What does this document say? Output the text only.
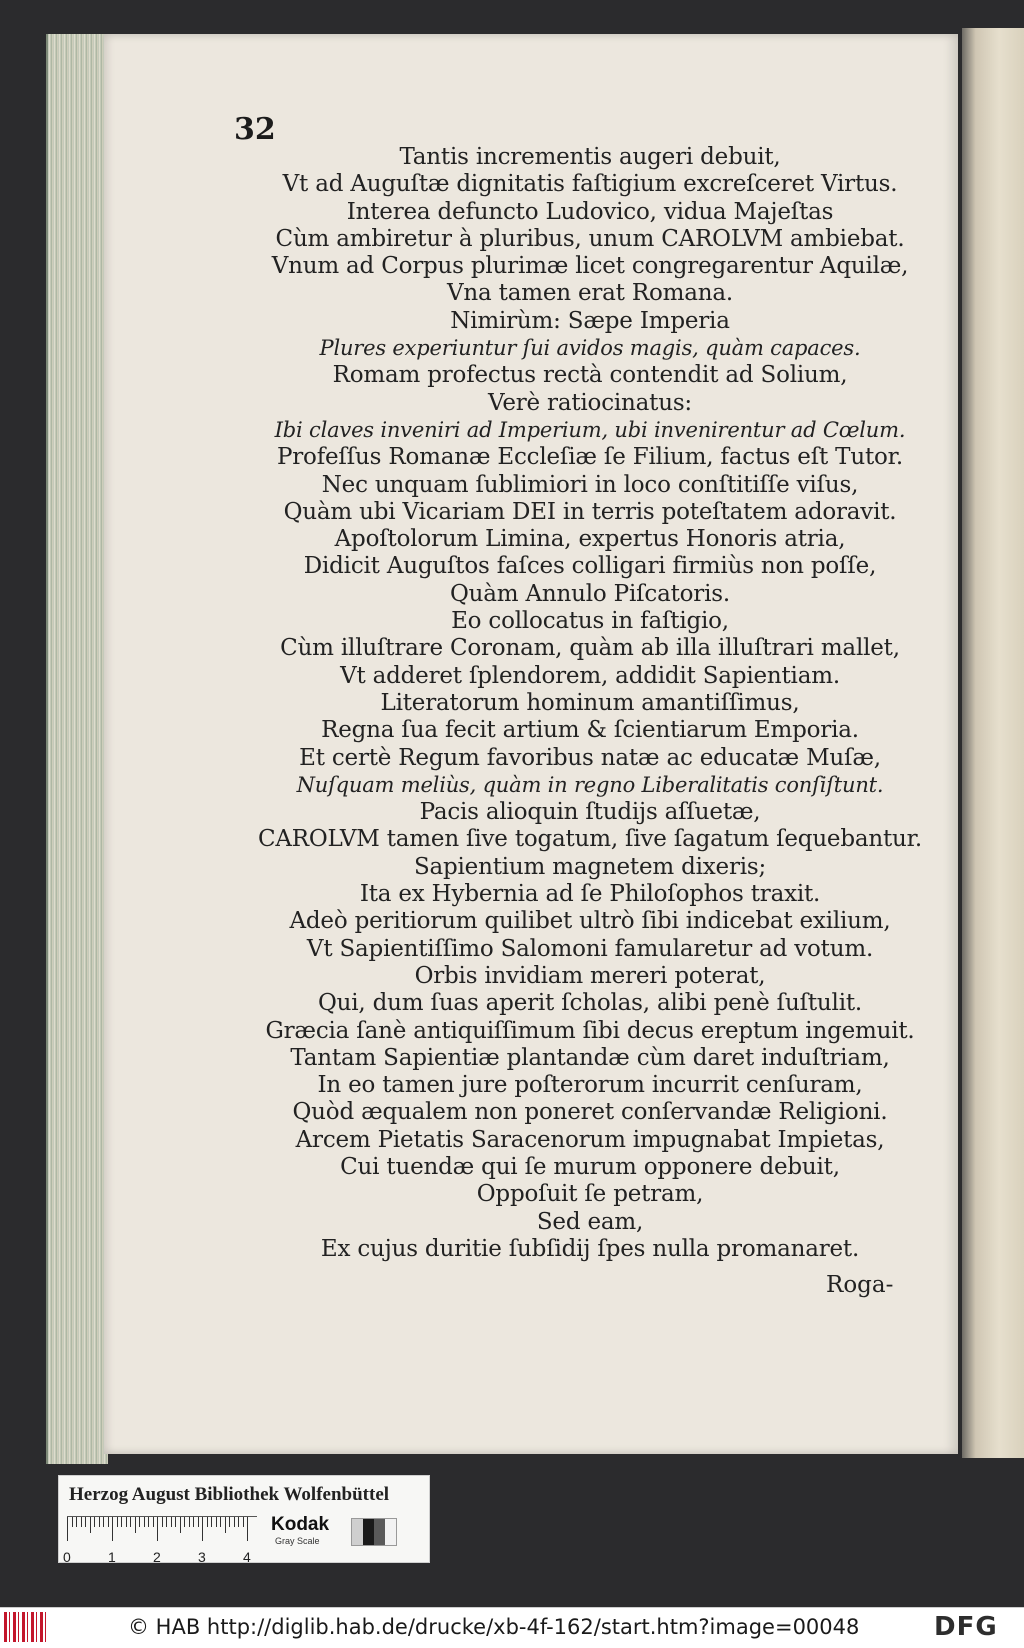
32
Tantis incrementis augeri debuit,
Vt ad Auguſtæ dignitatis faſtigium excreſceret Virtus.
Interea defuncto Ludovico, vidua Majeſtas
Cùm ambiretur à pluribus, unum CAROLVM ambiebat.
Vnum ad Corpus plurimæ licet congregarentur Aquilæ,
Vna tamen erat Romana.
Nimirùm: Sæpe Imperia
Plures experiuntur ſui avidos magis, quàm capaces.
Romam profectus rectà contendit ad Solium,
Verè ratiocinatus:
Ibi claves inveniri ad Imperium, ubi invenirentur ad Cœlum.
Profeſſus Romanæ Eccleſiæ ſe Filium, factus eſt Tutor.
Nec unquam ſublimiori in loco conſtitiſſe viſus,
Quàm ubi Vicariam DEI in terris poteſtatem adoravit.
Apoſtolorum Limina, expertus Honoris atria,
Didicit Auguſtos faſces colligari firmiùs non poſſe,
Quàm Annulo Piſcatoris.
Eo collocatus in faſtigio,
Cùm illuſtrare Coronam, quàm ab illa illuſtrari mallet,
Vt adderet ſplendorem, addidit Sapientiam.
Literatorum hominum amantiſſimus,
Regna ſua fecit artium & ſcientiarum Emporia.
Et certè Regum favoribus natæ ac educatæ Muſæ,
Nuſquam meliùs, quàm in regno Liberalitatis conſiſtunt.
Pacis alioquin ſtudijs aſſuetæ,
CAROLVM tamen ſive togatum, ſive ſagatum ſequebantur.
Sapientium magnetem dixeris;
Ita ex Hybernia ad ſe Philoſophos traxit.
Adeò peritiorum quilibet ultrò ſibi indicebat exilium,
Vt Sapientiſſimo Salomoni famularetur ad votum.
Orbis invidiam mereri poterat,
Qui, dum ſuas aperit ſcholas, alibi penè ſuſtulit.
Græcia ſanè antiquiſſimum ſibi decus ereptum ingemuit.
Tantam Sapientiæ plantandæ cùm daret induſtriam,
In eo tamen jure poſterorum incurrit cenſuram,
Quòd æqualem non poneret conſervandæ Religioni.
Arcem Pietatis Saracenorum impugnabat Impietas,
Cui tuendæ qui ſe murum opponere debuit,
Oppoſuit ſe petram,
Sed eam,
Ex cujus duritie ſubſidij ſpes nulla promanaret.
Roga-
Herzog August Bibliothek Wolfenbüttel
0	1	2	3	4
Kodak
Gray Scale
© HAB http://diglib.hab.de/drucke/xb-4f-162/start.htm?image=00048	DFG
